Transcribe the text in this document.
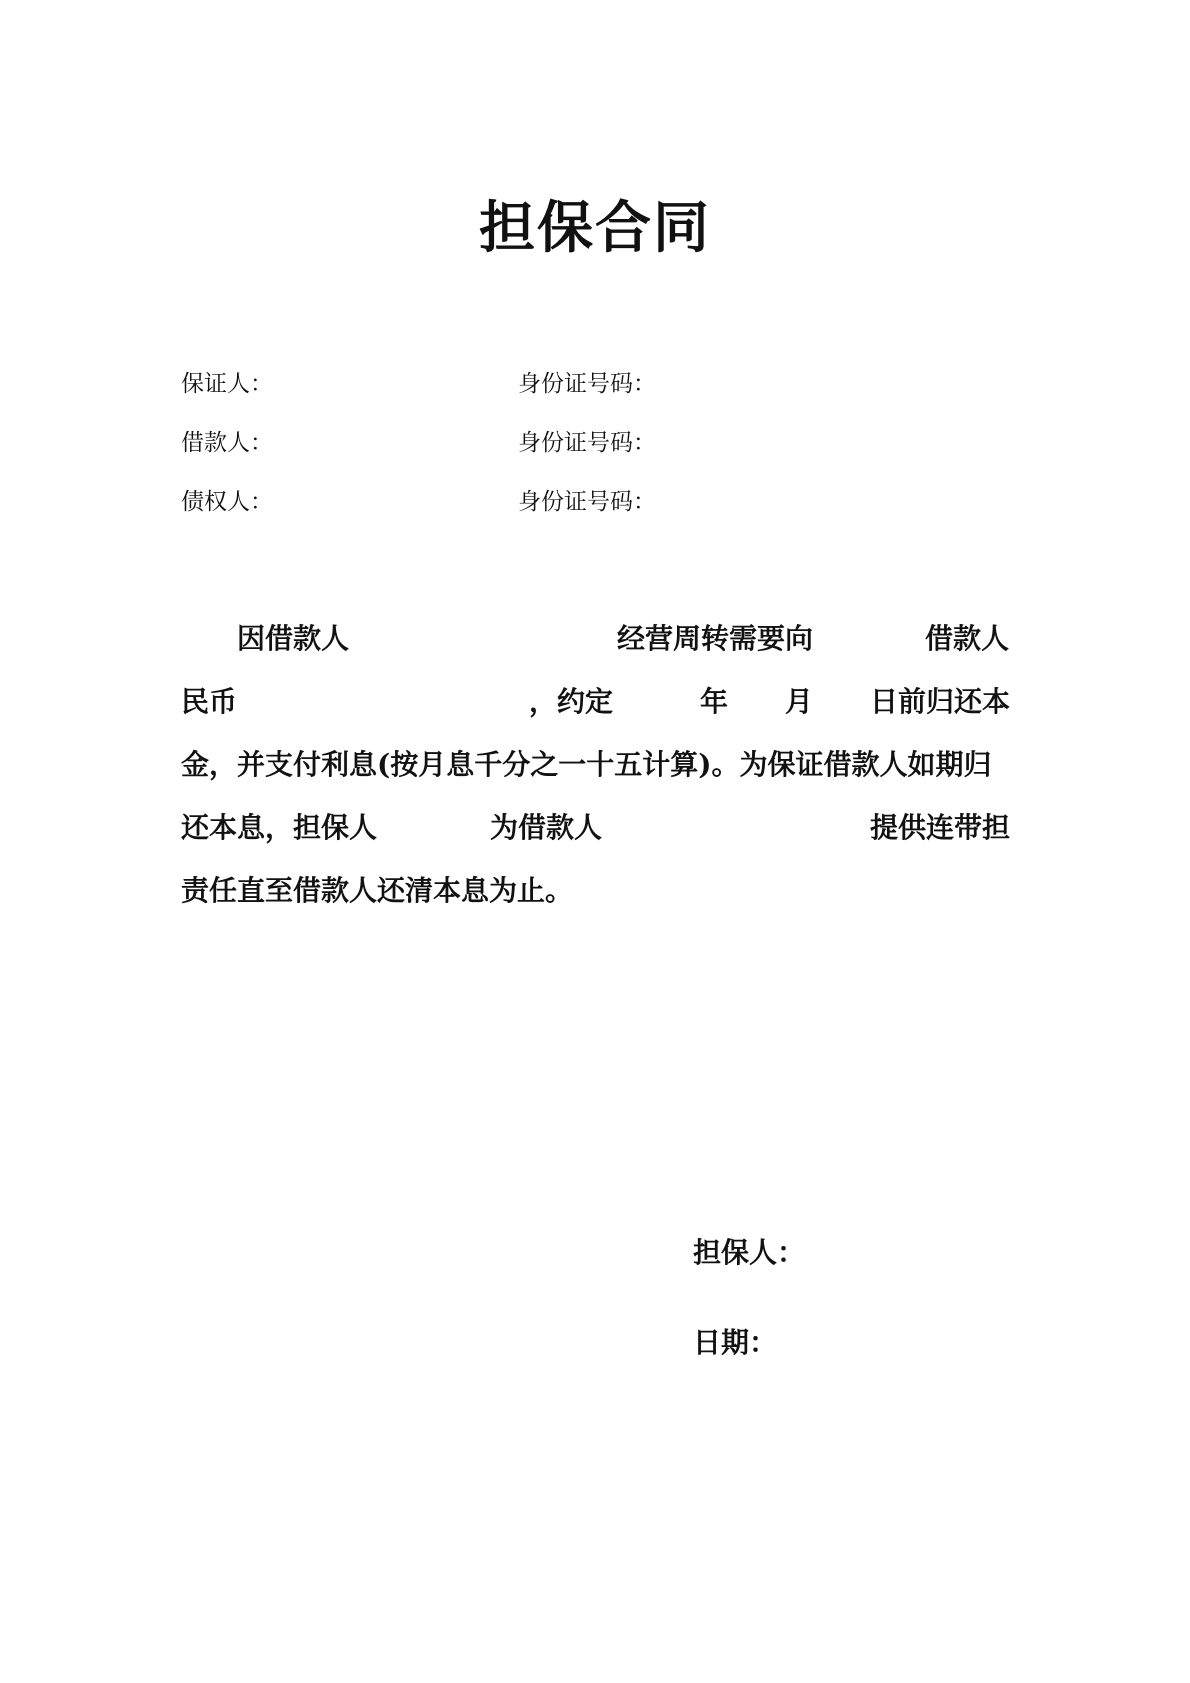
担保合同
保证人：	身份证号码：
借款人：	身份证号码：
债权人：	身份证号码：
因借款人	经营周转需要向	借款人
民币	，约定	年 月 日前归还本
金，并支付利息(按月息千分之一十五计算)。为保证借款人如期归
还本息，担保人	为借款人	提供连带担
责任直至借款人还清本息为止。
担保人：
日期：
